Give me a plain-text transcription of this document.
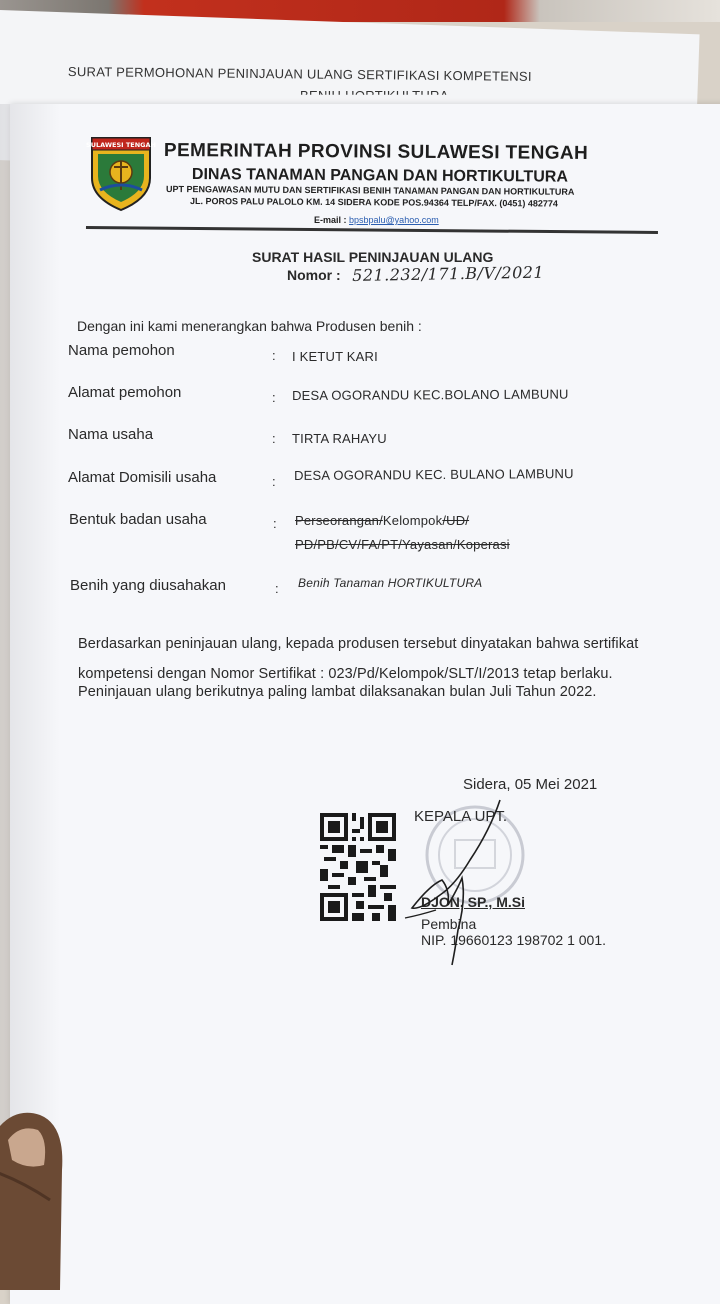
SURAT PERMOHONAN PENINJAUAN ULANG SERTIFIKASI KOMPETENSI
SULAWESI TENGAH PEMERINTAH PROVINSI SULAWESI TENGAH
DINAS TANAMAN PANGAN DAN HORTIKULTURA
UPT PENGAWASAN MUTU DAN SERTIFIKASI BENIH TANAMAN PANGAN DAN HORTIKULTURA
JL. POROS PALU PALOLO KM. 14 SIDERA KODE POS.94364 TELP/FAX. (0451) 482774
E-mail : bpsbpalu@yahoo.com
SURAT HASIL PENINJAUAN ULANG
Nomor : 521.232/171.B/V/2021
Dengan ini kami menerangkan bahwa Produsen benih :
Nama pemohon	: I KETUT KARI
Alamat pemohon	: DESA OGORANDU KEC.BOLANO LAMBUNU
Nama usaha	: TIRTA RAHAYU
Alamat Domisili usaha	: DESA OGORANDU KEC. BULANO LAMBUNU
Bentuk badan usaha	: Perseorangan/Kelompok/UD/
PD/PB/CV/FA/PT/Yayasan/Koperasi
Benih yang diusahakan	: Benih Tanaman HORTIKULTURA
Berdasarkan peninjauan ulang, kepada produsen tersebut dinyatakan bahwa sertifikat
kompetensi dengan Nomor Sertifikat : 023/Pd/Kelompok/SLT/I/2013 tetap berlaku.
Peninjauan ulang berikutnya paling lambat dilaksanakan bulan Juli Tahun 2022.
Sidera, 05 Mei 2021
KEPALA UPT.
DJON, SP., M.Si
Pembina
NIP. 19660123 198702 1 001.
